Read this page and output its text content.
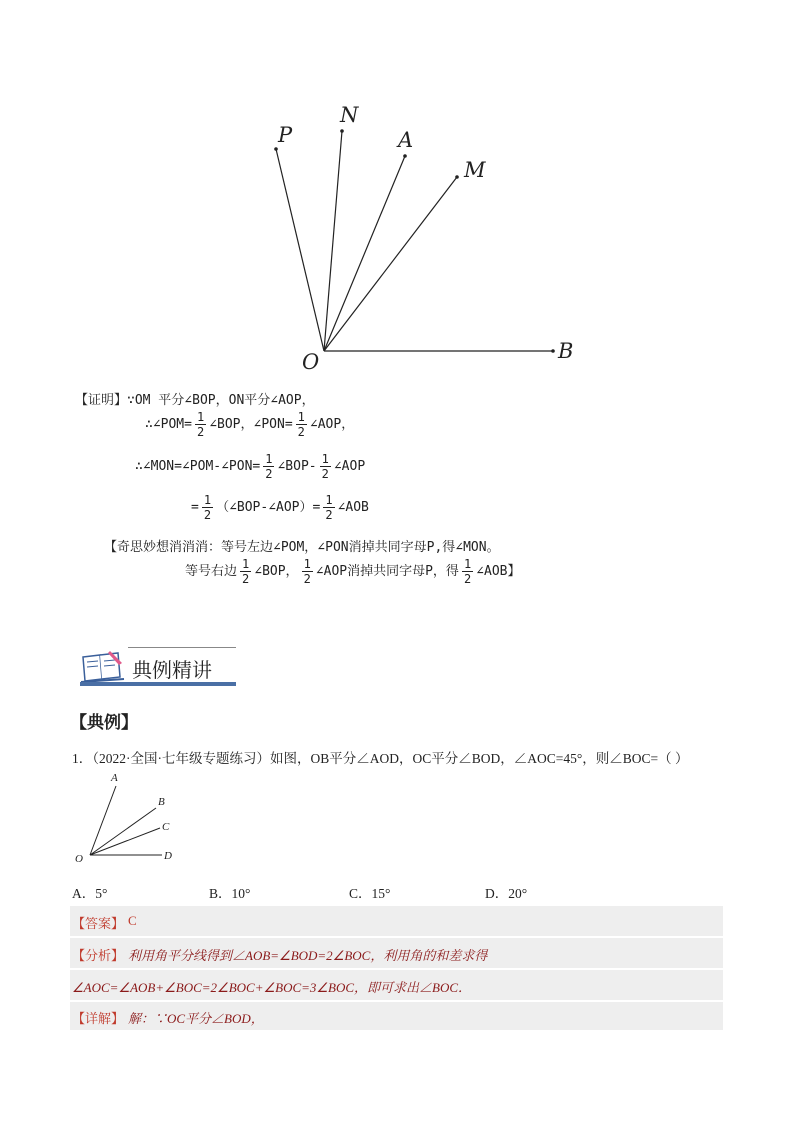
P
N
A
M
O	B
【证明】∵OM 平分∠BOP，ON平分∠AOP，
∴∠POM= $\frac{1}{2}$ ∠BOP，∠PON= $\frac{1}{2}$ ∠AOP，
∴∠MON=∠POM-∠PON= $\frac{1}{2}$ ∠BOP- $\frac{1}{2}$ ∠AOP
= $\frac{1}{2}$ （∠BOP-∠AOP）= $\frac{1}{2}$ ∠AOB
【奇思妙想消消消：等号左边∠POM，∠PON消掉共同字母P,得∠MON。
等号右边 $\frac{1}{2}$ ∠BOP， $\frac{1}{2}$ ∠AOP消掉共同字母P，得 $\frac{1}{2}$ ∠AOB】
典例精讲
【典例】
1．（2022·全国·七年级专题练习）如图，OB平分∠AOD，OC平分∠BOD，∠AOC=45°，则∠BOC=（ ）
A
B
C
O	D
A．5°	B．10°	C．15°	D．20°
【答案】 C
【分析】 利用角平分线得到∠AOB=∠BOD=2∠BOC，利用角的和差求得
∠AOC=∠AOB+∠BOC=2∠BOC+∠BOC=3∠BOC，即可求出∠BOC．
【详解】 解：∵OC平分∠BOD，
